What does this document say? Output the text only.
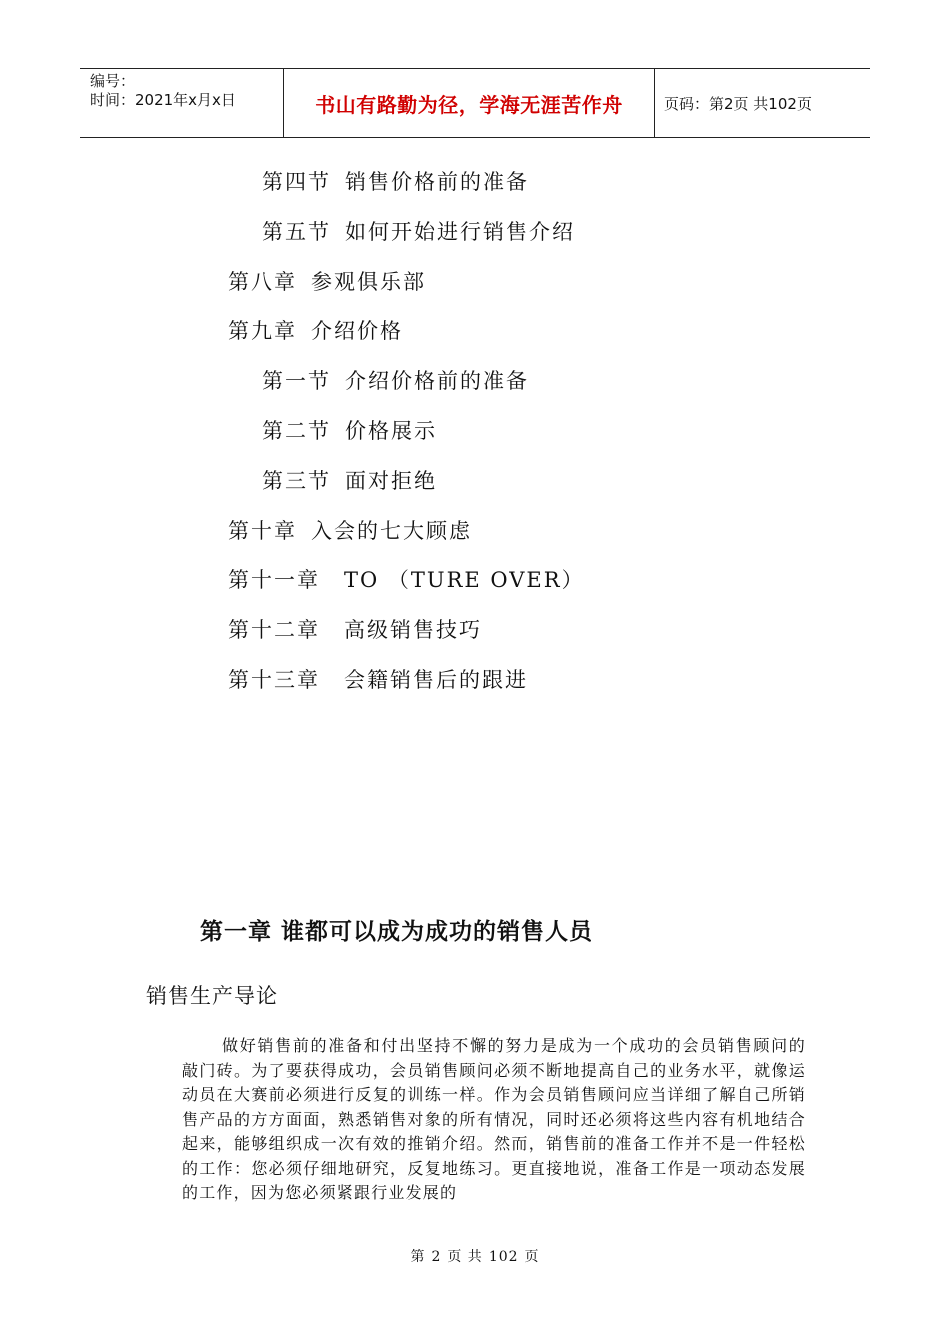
编号：
时间：2021年x月x日	书山有路勤为径，学海无涯苦作舟	页码：第2页 共102页
第四节 销售价格前的准备
第五节 如何开始进行销售介绍
第八章 参观俱乐部
第九章 介绍价格
第一节 介绍价格前的准备
第二节 价格展示
第三节 面对拒绝
第十章 入会的七大顾虑
第十一章 TO （TURE OVER）
第十二章 高级销售技巧
第十三章 会籍销售后的跟进
第一章 谁都可以成为成功的销售人员
销售生产导论
做好销售前的准备和付出坚持不懈的努力是成为一个成功的会员销售顾问的敲门砖。为了要获得成功，会员销售顾问必须不断地提高自己的业务水平，就像运动员在大赛前必须进行反复的训练一样。作为会员销售顾问应当详细了解自己所销售产品的方方面面，熟悉销售对象的所有情况，同时还必须将这些内容有机地结合起来，能够组织成一次有效的推销介绍。然而，销售前的准备工作并不是一件轻松的工作：您必须仔细地研究，反复地练习。更直接地说，准备工作是一项动态发展的工作，因为您必须紧跟行业发展的
第 2 页 共 102 页
